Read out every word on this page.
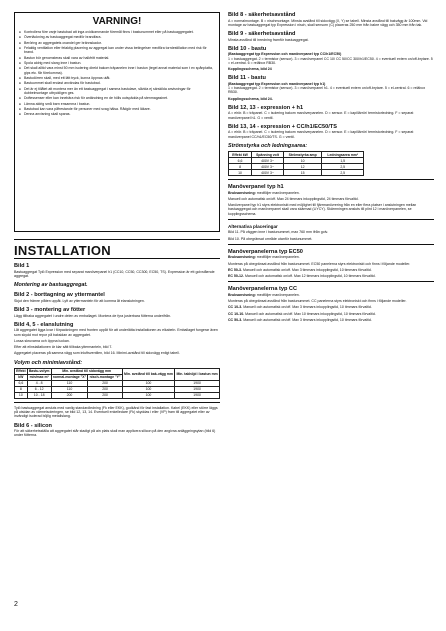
VARNING!
● Kontrollera före varje bastubad att inga ovidkommande föremål finns i bastunummet eller på bastuaggregatet.
● Övertäckning av bastuaggregat medför brandfara.
● Beröring av aggregatets ovandel ger brännskador.
● Felaktig ventilation eller felaktig placering av aggregat kan under vissa betingelser medföra torrdestillation med risk för brand.
● Bastun bör genomsteras skall vara av halkfritt material.
● Spola aldrig med slang inne i bastun.
● Det skall alltid vara minst 50 mm isolering direkt bakom träpanelen inne i bastun (tegel annat material som t ex spånplatta, gips etc. får förekomma).
● Bastudörren skall, med ett lätt tryck, kunna öppnas utåt.
● Bastuummet skall endast användas för bastubad.
● Det är ej tillåtet att montera mer än ett bastuaggregat i samma bastulave, såvida ej särskilda anvisningar för dubbelmontage uttryckligen ges.
● Doftessenser eller kan innebära risk för antändning en de hölls outspädda på stenmagasinet.
● Lämna aldrig små barn ensamma i bastun.
● Bastubad kan vara påfrestande för personer med svag hälsa. Rådgör med läkare.
● Denna anvisning skall sparas.
INSTALLATION
Bild 1

Bastuaggregat Tylö Expression med separat manöverpanel h1 (CC10, CC50, CC300, EC50, TS). Expression är ett golvstående aggregat.

Montering av bastuaggregat.
Bild 2 - borttagning av yttermantel

Skjut den främre plåten uppåt. Lyft av yttermanteln för att komma åt elanslutningen.

Bild 3 - montering av fötter

Lägg tillbaka aggregatet i undre delen av emballaget. Montera de fyra justerbara fötterna underifrån.

Bild 4, 5 - elanslutning

Låt aggregatet ligga kvar i förpackningen med fronten uppåt för att underlätta installationen av elkabeln. Emballaget fungerar även som skydd mot repor på baksidan av aggregatet.

Lossa skruvarna och öppna luckan.

Efter att elinstallationen är klar sätt tillbaka yttermanteln, bild 7.

Aggregatet placeras på samma vägg som inluftsventilen, bild 16. Minimi-avstånd till sidovägg enligt tabell.

Volym och minimiavstånd:
Effekt	Bastu-volym	Min. avstånd till sidovägg mm		Min. avstånd till bak-vägg mm	Min. takhöjd i bastun mm
kW	min/max m³	normal-montage "X"	nisch-montage "Y"		
6,6	4 - 8	110	200	100	1900
8	6 - 12	110	200	100	1900
10	10 - 18	200	200	100	1900

Tylö bastuaggregat ansluts med vanlig standardledning (Fk eller EKK), godkänd för fast installation. Kabel (EKK) eller större läggs på utsidan av värmeisoleringen, se bild 12, 13, 14. Eventuell enkelledare (Fk) skyddas i eller (VP) fram till aggregatet eller av invändigt isolerad böjlig metallslang.

Bild 6 - silicon

För att säkerhetsställa att aggregatet står stadigt på ain plats skall man applicera silicon på den angivna anläggningsytan (bild 6) under fötterna.

Bild 8 - säkerhetsavstånd

A = normalmontage. B = nischmontage. Minsta avstånd till sidovägg (X, Y) se tabell. Minsta avstånd till bakvägg är 100mm. Vid montage av bastuaggregat typ Expression i nisch, skall sensorn (C) placeras 250 mm från bakre vägg och 350 mm från tak.

Bild 9 - säkerhetsavstånd

Minsta avstånd till inredning framför bastuaggregat.

Bild 10 - bastu

(Bastuaggregat typ Expression och manöverpanel typ CC/h1/EC50)

1 = bastuaggregat. 2 = termistor (sensor). 3 = manöverpanel CC 10/ CC 50/CC 300/h1/EC50. 4 = eventuell extern on/off-brytare. 5 = el-central. 6 = reläbox RB30.

Kopplingsschema, bild 24

Bild 11 - bastu

(Bastuaggregat typ Expression och manöverpanel typ h1)

1 = bastuaggregat. 2 = termistor (sensor). 3 = manöverpanel h1. 4 = eventuell extern on/off-brytare. 5 = el-central. 6 = reläbox RB30.

Kopplingsschema, bild 24.

Bild 12, 13 - expression + h1

A = elrör. B = träpanel. C = isolering bakom manöverpanelen. D = sensor. E = kapillärrör/ termistorledning. F = separat manöverpanel h1. G = ventil.

Bild 13, 14 - expression + CC/h1/EC50/TS

A = elrör. B = träpanel. C = isolering bakom manöverpanelen. D = sensor. E = kapillärrör/ termistorledning. F = separat manöverpanel CC/h1/EC50/TS. G = ventil.

Strömstyrka och ledningsarea:
Effekt kW	Spänning volt	Strömstyrka amp	Ledningsarea mm²
6,6	400V 3~	10	1,5
8	400V 3~	12	2,5
10	400V 3~	15	2,5
Manöverpanel typ h1

Bruksanvisning: medföljer manöverpanelen.

Manuell och automatisk on/off. Max 24 timmars inkopplingstid, 24 timmars förvaltid.

Manöverpanel typ h1 styrs elektroniskt med möjlighet till fjärrmanövrering från en eller flera platser i anslutningen mellan bastuaggregat och manöverpanel skall vara skärmad (LiYCY). Skärmningen ansluts till plint 12 i manöverpanelen, se kopplingsschema.

Alternativa placeringar

Bild 11. På väggen inne i bastunummet, max 760 mm ifrån golv.

Bild 10. På obegränsat område utanför bastunummet.

Manöverpanelerna typ EC50

Bruksanvisning: medföljer manöverpanelen.

Monteras på obegränsat avstånd från bastunummet. EC50 panelerna styrs elektroniskt och finns i följande modeller.

EC 50-3. Manuell och automatisk on/off. Max 3 timmars inkopplingstid, 10 timmars förvaltid.

EC 50-12. Manuell och automatisk on/off. Max 12 timmars inkopplingstid, 10 timmars förvaltid.

Manöverpanelerna typ CC

Bruksanvisning: medföljer manöverpanelen.

Monteras på obegränsat avstånd från bastunummet. CC panelerna styrs elektroniskt och finns i följande modeller.

CC 10-3. Manuell och automatisk on/off. Max 3 timmars inkopplingstid, 10 timmars förvaltid.

CC 10-10. Manuell och automatisk on/off. Max 10 timmars inkopplingstid, 10 timmars förvaltid.

CC 50-3. Manuell och automatisk on/off. Max 3 timmars inkopplingstid, 10 timmars förvaltid.

2
